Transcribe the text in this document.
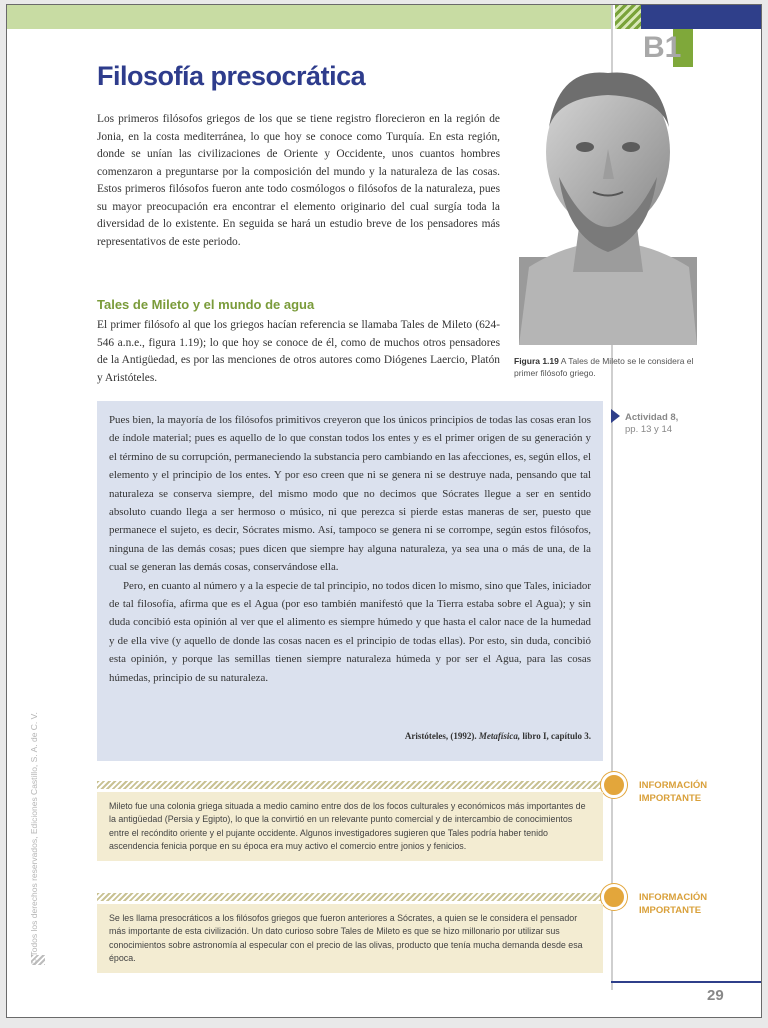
B1
Filosofía presocrática

Los primeros filósofos griegos de los que se tiene registro florecieron en la región de Jonia, en la costa mediterránea, lo que hoy se conoce como Turquía. En esta región, donde se unían las civilizaciones de Oriente y Occidente, unos cuantos hombres comenzaron a preguntarse por la composición del mundo y la naturaleza de las cosas. Estos primeros filósofos fueron ante todo cosmólogos o filósofos de la naturaleza, pues su mayor preocupación era encontrar el elemento originario del cual surgía toda la diversidad de lo existente. En seguida se hará un estudio breve de los pensadores más representativos de este periodo.

Figura 1.19 A Tales de Mileto se le considera el primer filósofo griego.

Tales de Mileto y el mundo de agua

El primer filósofo al que los griegos hacían referencia se llamaba Tales de Mileto (624-546 a.n.e., figura 1.19); lo que hoy se conoce de él, como de muchos otros pensadores de la Antigüedad, es por las menciones de otros autores como Diógenes Laercio, Platón y Aristóteles.

Pues bien, la mayoría de los filósofos primitivos creyeron que los únicos principios de todas las cosas eran los de índole material; pues es aquello de lo que constan todos los entes y es el primer origen de su generación y el término de su corrupción, permaneciendo la substancia pero cambiando en las afecciones, es, según ellos, el elemento y el principio de los entes. Y por eso creen que ni se genera ni se destruye nada, pensando que tal naturaleza se conserva siempre, del mismo modo que no decimos que Sócrates llegue a ser en sentido absoluto cuando llega a ser hermoso o músico, ni que perezca si pierde estas maneras de ser, puesto que permanece el sujeto, es decir, Sócrates mismo. Así, tampoco se genera ni se corrompe, según estos filósofos, ninguna de las demás cosas; pues dicen que siempre hay alguna naturaleza, ya sea una o más de una, de la cual se generan las demás cosas, conservándose ella.

Pero, en cuanto al número y a la especie de tal principio, no todos dicen lo mismo, sino que Tales, iniciador de tal filosofía, afirma que es el Agua (por eso también manifestó que la Tierra estaba sobre el Agua); y sin duda concibió esta opinión al ver que el alimento es siempre húmedo y que hasta el calor nace de la humedad y de ella vive (y aquello de donde las cosas nacen es el principio de todas ellas). Por esto, sin duda, concibió esta opinión, y porque las semillas tienen siempre naturaleza húmeda y por ser el Agua, para las cosas húmedas, principio de su naturaleza.

Aristóteles, (1992). Metafísica, libro I, capítulo 3.
Actividad 8,
pp. 13 y 14
INFORMACIÓN
IMPORTANTE

Mileto fue una colonia griega situada a medio camino entre dos de los focos culturales y económicos más importantes de la antigüedad (Persia y Egipto), lo que la convirtió en un relevante punto comercial y de intercambio de conocimientos entre el recóndito oriente y el pujante occidente. Algunos investigadores sugieren que Tales podría haber tenido ascendencia fenicia porque en su época era muy activo el comercio entre jonios y fenicios.

INFORMACIÓN
IMPORTANTE

Se les llama presocráticos a los filósofos griegos que fueron anteriores a Sócrates, a quien se le considera el pensador más importante de esta civilización. Un dato curioso sobre Tales de Mileto es que se hizo millonario por utilizar sus conocimientos sobre astronomía al especular con el precio de las olivas, producto que tenía mucha demanda desde esa época.

© Todos los derechos reservados, Ediciones Castillo, S. A. de C. V.
29
